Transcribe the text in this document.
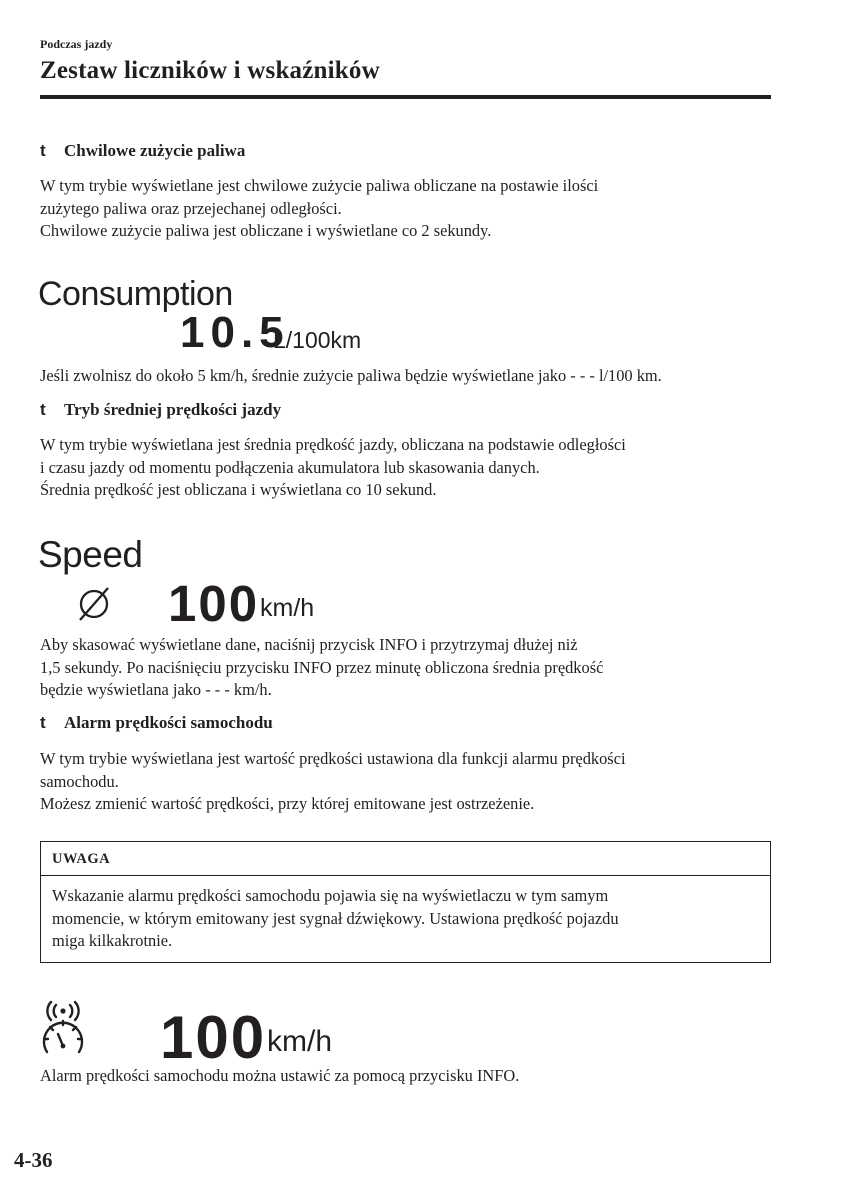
Podczas jazdy
Zestaw liczników i wskaźników
t Chwilowe zużycie paliwa
W tym trybie wyświetlane jest chwilowe zużycie paliwa obliczane na postawie ilości
zużytego paliwa oraz przejechanej odległości.
Chwilowe zużycie paliwa jest obliczane i wyświetlane co 2 sekundy.
Consumption
10.5
L/100km
Jeśli zwolnisz do około 5 km/h, średnie zużycie paliwa będzie wyświetlane jako - - - l/100 km.
t Tryb średniej prędkości jazdy
W tym trybie wyświetlana jest średnia prędkość jazdy, obliczana na podstawie odległości
i czasu jazdy od momentu podłączenia akumulatora lub skasowania danych.
Średnia prędkość jest obliczana i wyświetlana co 10 sekund.
Speed
100 km/h
Aby skasować wyświetlane dane, naciśnij przycisk INFO i przytrzymaj dłużej niż
1,5 sekundy. Po naciśnięciu przycisku INFO przez minutę obliczona średnia prędkość
będzie wyświetlana jako - - - km/h.
t Alarm prędkości samochodu
W tym trybie wyświetlana jest wartość prędkości ustawiona dla funkcji alarmu prędkości
samochodu.
Możesz zmienić wartość prędkości, przy której emitowane jest ostrzeżenie.
UWAGA
Wskazanie alarmu prędkości samochodu pojawia się na wyświetlaczu w tym samym
momencie, w którym emitowany jest sygnał dźwiękowy. Ustawiona prędkość pojazdu
miga kilkakrotnie.
100 km/h
Alarm prędkości samochodu można ustawić za pomocą przycisku INFO.
4-36
